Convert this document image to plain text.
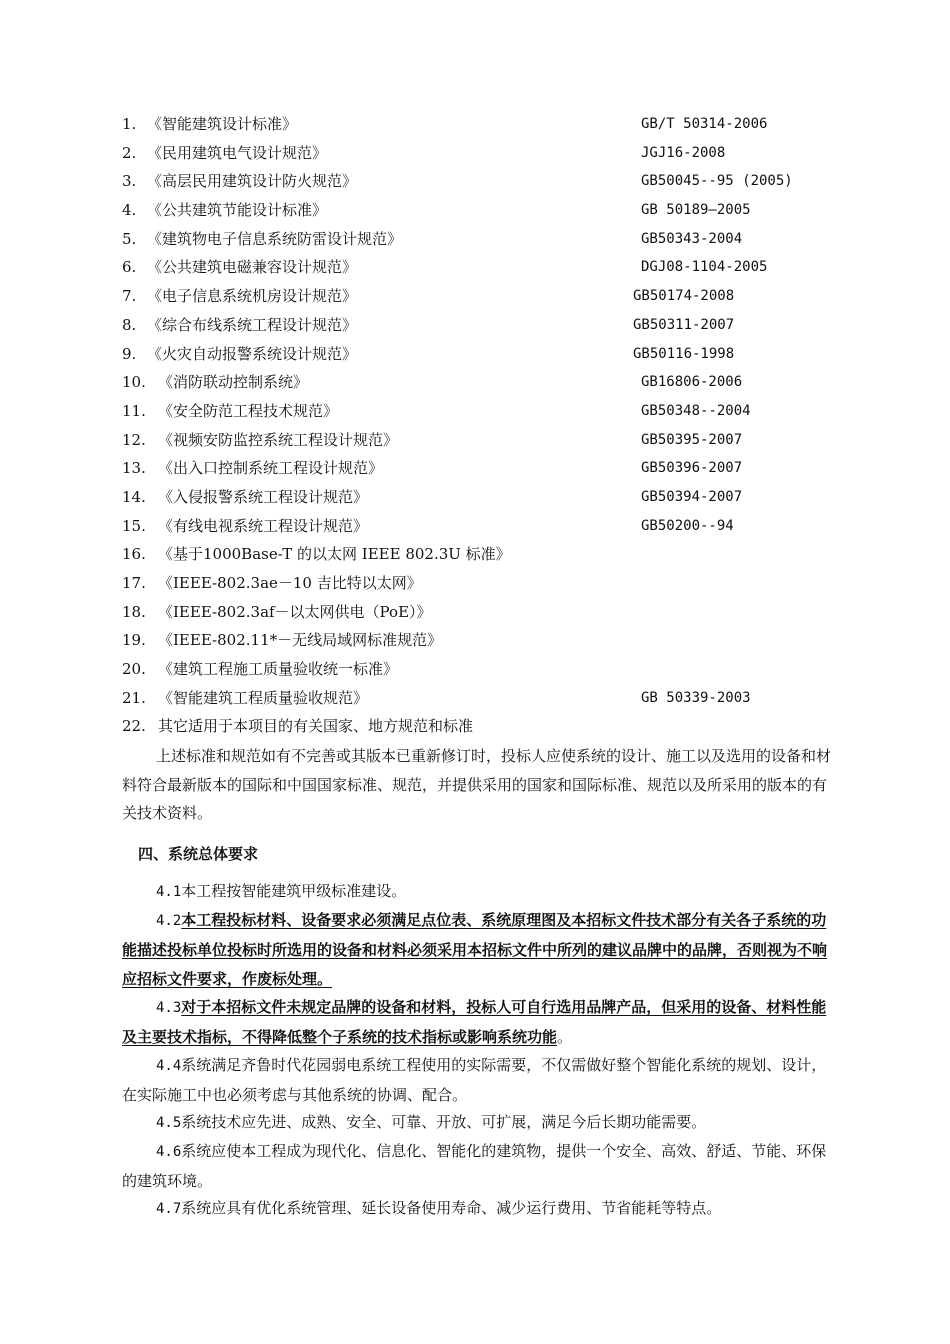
1. 《智能建筑设计标准》	GB/T 50314-2006
2. 《民用建筑电气设计规范》	JGJ16-2008
3. 《高层民用建筑设计防火规范》	GB50045--95 (2005)
4. 《公共建筑节能设计标准》	GB 50189—2005
5. 《建筑物电子信息系统防雷设计规范》	GB50343-2004
6. 《公共建筑电磁兼容设计规范》	DGJ08-1104-2005
7. 《电子信息系统机房设计规范》	GB50174-2008
8. 《综合布线系统工程设计规范》	GB50311-2007
9. 《火灾自动报警系统设计规范》	GB50116-1998
10. 《消防联动控制系统》	GB16806-2006
11. 《安全防范工程技术规范》	GB50348--2004
12. 《视频安防监控系统工程设计规范》	GB50395-2007
13. 《出入口控制系统工程设计规范》	GB50396-2007
14. 《入侵报警系统工程设计规范》	GB50394-2007
15. 《有线电视系统工程设计规范》	GB50200--94
16. 《基于1000Base-T 的以太网 IEEE 802.3U 标准》
17. 《IEEE-802.3ae－10 吉比特以太网》
18. 《IEEE-802.3af－以太网供电（PoE）》
19. 《IEEE-802.11*－无线局域网标准规范》
20. 《建筑工程施工质量验收统一标准》
21. 《智能建筑工程质量验收规范》	GB 50339-2003
22. 其它适用于本项目的有关国家、地方规范和标准
上述标准和规范如有不完善或其版本已重新修订时，投标人应使系统的设计、施工以及选用的设备和材料符合最新版本的国际和中国国家标准、规范，并提供采用的国家和国际标准、规范以及所采用的版本的有关技术资料。
四、系统总体要求
4.1本工程按智能建筑甲级标准建设。
4.2本工程投标材料、设备要求必须满足点位表、系统原理图及本招标文件技术部分有关各子系统的功能描述投标单位投标时所选用的设备和材料必须采用本招标文件中所列的建议品牌中的品牌，否则视为不响应招标文件要求，作废标处理。
4.3对于本招标文件未规定品牌的设备和材料，投标人可自行选用品牌产品，但采用的设备、材料性能及主要技术指标，不得降低整个子系统的技术指标或影响系统功能。
4.4系统满足齐鲁时代花园弱电系统工程使用的实际需要，不仅需做好整个智能化系统的规划、设计，在实际施工中也必须考虑与其他系统的协调、配合。
4.5系统技术应先进、成熟、安全、可靠、开放、可扩展，满足今后长期功能需要。
4.6系统应使本工程成为现代化、信息化、智能化的建筑物，提供一个安全、高效、舒适、节能、环保的建筑环境。
4.7系统应具有优化系统管理、延长设备使用寿命、减少运行费用、节省能耗等特点。
